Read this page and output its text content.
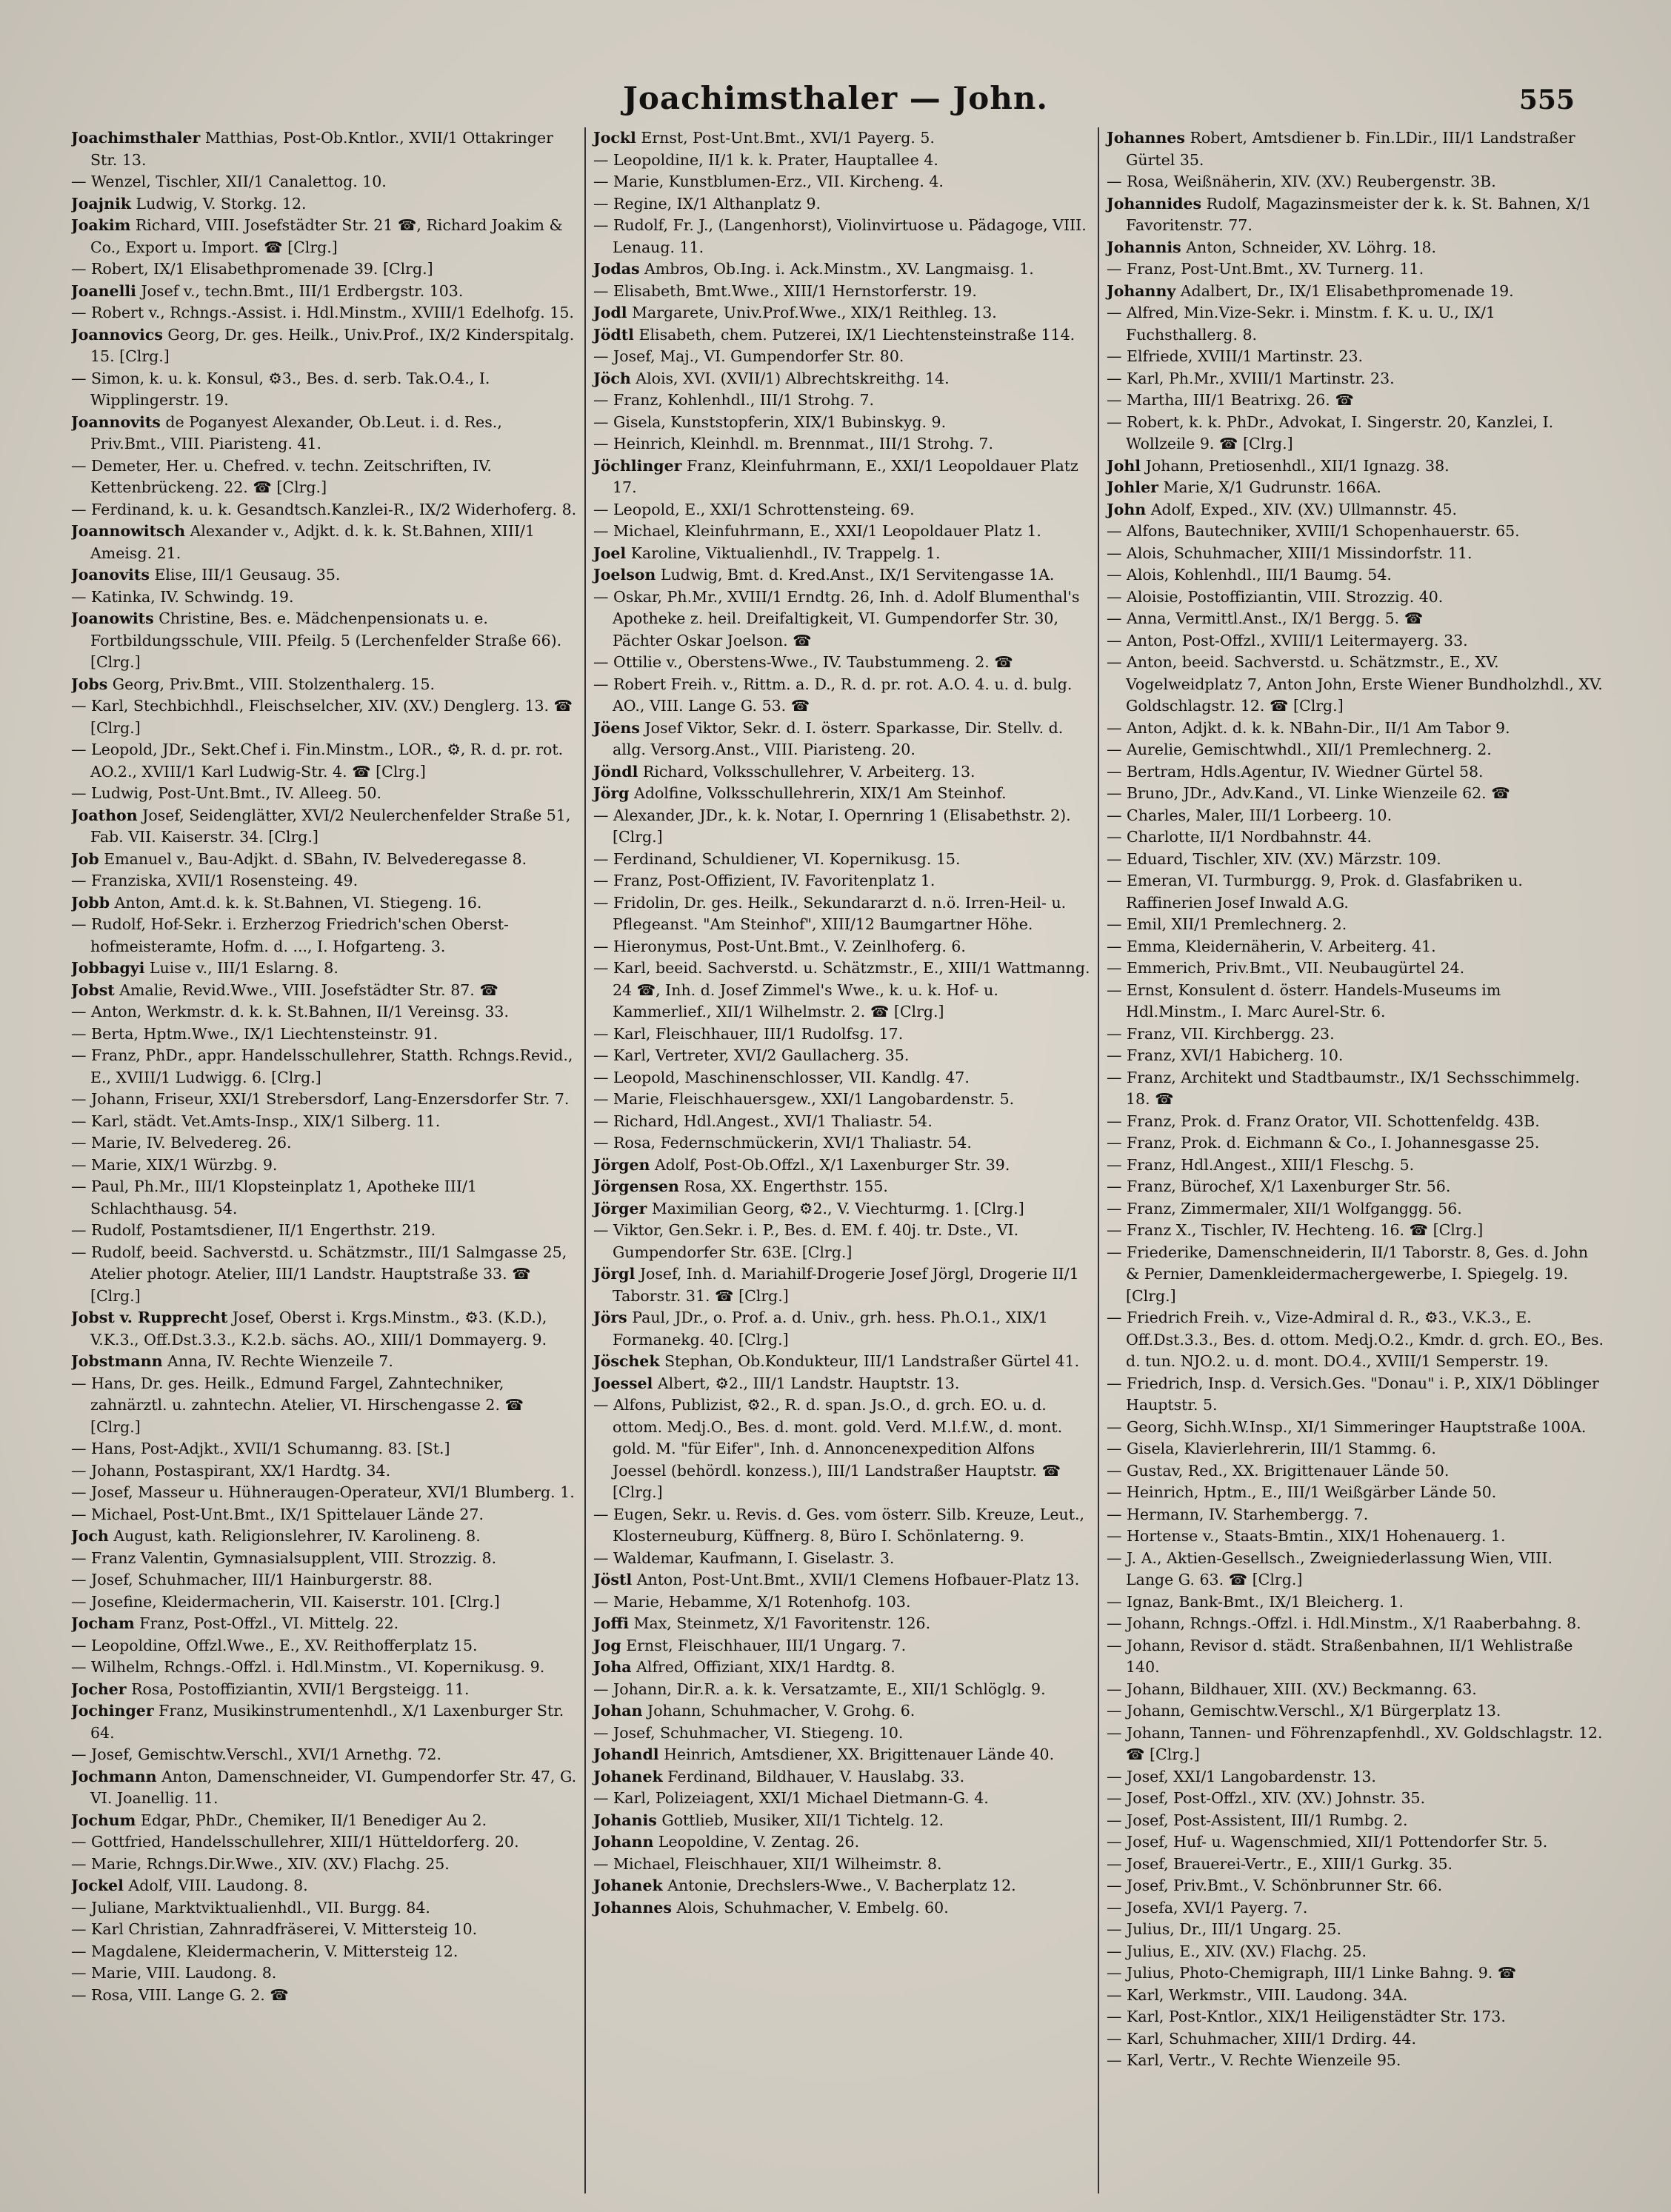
Joachimsthaler — John.	555
Joachimsthaler Matthias, Post-Ob.Kntlor., XVII/1 Ottakringer Str. 13.
— Wenzel, Tischler, XII/1 Canalettog. 10.
Joajnik Ludwig, V. Storkg. 12.
Joakim Richard, VIII. Josefstädter Str. 21 ☎, Richard Joakim & Co., Export u. Import. ☎ [Clrg.]
— Robert, IX/1 Elisabethpromenade 39. [Clrg.]
Joanelli Josef v., techn.Bmt., III/1 Erdbergstr. 103.
— Robert v., Rchngs.-Assist. i. Hdl.Minstm., XVIII/1 Edelhofg. 15.
Joannovics Georg, Dr. ges. Heilk., Univ.Prof., IX/2 Kinderspitalg. 15. [Clrg.]
— Simon, k. u. k. Konsul, ⚙3., Bes. d. serb. Tak.O.4., I. Wipplingerstr. 19.
Joannovits de Poganyest Alexander, Ob.Leut. i. d. Res., Priv.Bmt., VIII. Piaristeng. 41.
— Demeter, Her. u. Chefred. v. techn. Zeitschriften, IV. Kettenbrückeng. 22. ☎ [Clrg.]
— Ferdinand, k. u. k. Gesandtsch.Kanzlei-R., IX/2 Widerhoferg. 8.
Joannowitsch Alexander v., Adjkt. d. k. k. St.Bahnen, XIII/1 Ameisg. 21.
Joanovits Elise, III/1 Geusaug. 35.
— Katinka, IV. Schwindg. 19.
Joanowits Christine, Bes. e. Mädchenpensionats u. e. Fortbildungsschule, VIII. Pfeilg. 5 (Lerchenfelder Straße 66). [Clrg.]
Jobs Georg, Priv.Bmt., VIII. Stolzenthalerg. 15.
— Karl, Stechbichhdl., Fleischselcher, XIV. (XV.) Denglerg. 13. ☎ [Clrg.]
— Leopold, JDr., Sekt.Chef i. Fin.Minstm., LOR., ⚙, R. d. pr. rot. AO.2., XVIII/1 Karl Ludwig-Str. 4. ☎ [Clrg.]
— Ludwig, Post-Unt.Bmt., IV. Alleeg. 50.
Joathon Josef, Seidenglätter, XVI/2 Neulerchenfelder Straße 51, Fab. VII. Kaiserstr. 34. [Clrg.]
Job Emanuel v., Bau-Adjkt. d. SBahn, IV. Belvederegasse 8.
— Franziska, XVII/1 Rosensteing. 49.
Jobb Anton, Amt.d. k. k. St.Bahnen, VI. Stiegeng. 16.
— Rudolf, Hof-Sekr. i. Erzherzog Friedrich'schen Oberst-hofmeisteramte, Hofm. d. ..., I. Hofgarteng. 3.
Jobbagyi Luise v., III/1 Eslarng. 8.
Jobst Amalie, Revid.Wwe., VIII. Josefstädter Str. 87. ☎
— Anton, Werkmstr. d. k. k. St.Bahnen, II/1 Vereinsg. 33.
— Berta, Hptm.Wwe., IX/1 Liechtensteinstr. 91.
— Franz, PhDr., appr. Handelsschullehrer, Statth. Rchngs.Revid., E., XVIII/1 Ludwigg. 6. [Clrg.]
— Johann, Friseur, XXI/1 Strebersdorf, Lang-Enzersdorfer Str. 7.
— Karl, städt. Vet.Amts-Insp., XIX/1 Silberg. 11.
— Marie, IV. Belvedereg. 26.
— Marie, XIX/1 Würzbg. 9.
— Paul, Ph.Mr., III/1 Klopsteinplatz 1, Apotheke III/1 Schlachthausg. 54.
— Rudolf, Postamtsdiener, II/1 Engerthstr. 219.
— Rudolf, beeid. Sachverstd. u. Schätzmstr., III/1 Salmgasse 25, Atelier photogr. Atelier, III/1 Landstr. Hauptstraße 33. ☎ [Clrg.]
Jobst v. Rupprecht Josef, Oberst i. Krgs.Minstm., ⚙3. (K.D.), V.K.3., Off.Dst.3.3., K.2.b. sächs. AO., XIII/1 Dommayerg. 9.
Jobstmann Anna, IV. Rechte Wienzeile 7.
— Hans, Dr. ges. Heilk., Edmund Fargel, Zahntechniker, zahnärztl. u. zahntechn. Atelier, VI. Hirschengasse 2. ☎ [Clrg.]
— Hans, Post-Adjkt., XVII/1 Schumanng. 83. [St.]
— Johann, Postaspirant, XX/1 Hardtg. 34.
— Josef, Masseur u. Hühneraugen-Operateur, XVI/1 Blumberg. 1.
— Michael, Post-Unt.Bmt., IX/1 Spittelauer Lände 27.
Joch August, kath. Religionslehrer, IV. Karolineng. 8.
— Franz Valentin, Gymnasialsupplent, VIII. Strozzig. 8.
— Josef, Schuhmacher, III/1 Hainburgerstr. 88.
— Josefine, Kleidermacherin, VII. Kaiserstr. 101. [Clrg.]
Jocham Franz, Post-Offzl., VI. Mittelg. 22.
— Leopoldine, Offzl.Wwe., E., XV. Reithofferplatz 15.
— Wilhelm, Rchngs.-Offzl. i. Hdl.Minstm., VI. Kopernikusg. 9.
Jocher Rosa, Postoffiziantin, XVII/1 Bergsteigg. 11.
Jochinger Franz, Musikinstrumentenhdl., X/1 Laxenburger Str. 64.
— Josef, Gemischtw.Verschl., XVI/1 Arnethg. 72.
Jochmann Anton, Damenschneider, VI. Gumpendorfer Str. 47, G. VI. Joanellig. 11.
Jochum Edgar, PhDr., Chemiker, II/1 Benediger Au 2.
— Gottfried, Handelsschullehrer, XIII/1 Hütteldorferg. 20.
— Marie, Rchngs.Dir.Wwe., XIV. (XV.) Flachg. 25.
Jockel Adolf, VIII. Laudong. 8.
— Juliane, Marktviktualienhdl., VII. Burgg. 84.
— Karl Christian, Zahnradfräserei, V. Mittersteig 10.
— Magdalene, Kleidermacherin, V. Mittersteig 12.
— Marie, VIII. Laudong. 8.
— Rosa, VIII. Lange G. 2. ☎
Jockl Ernst, Post-Unt.Bmt., XVI/1 Payerg. 5.
— Leopoldine, II/1 k. k. Prater, Hauptallee 4.
— Marie, Kunstblumen-Erz., VII. Kircheng. 4.
— Regine, IX/1 Althanplatz 9.
— Rudolf, Fr. J., (Langenhorst), Violinvirtuose u. Pädagoge, VIII. Lenaug. 11.
Jodas Ambros, Ob.Ing. i. Ack.Minstm., XV. Langmaisg. 1.
— Elisabeth, Bmt.Wwe., XIII/1 Hernstorferstr. 19.
Jodl Margarete, Univ.Prof.Wwe., XIX/1 Reithleg. 13.
Jödtl Elisabeth, chem. Putzerei, IX/1 Liechtensteinstraße 114.
— Josef, Maj., VI. Gumpendorfer Str. 80.
Jöch Alois, XVI. (XVII/1) Albrechtskreithg. 14.
— Franz, Kohlenhdl., III/1 Strohg. 7.
— Gisela, Kunststopferin, XIX/1 Bubinskyg. 9.
— Heinrich, Kleinhdl. m. Brennmat., III/1 Strohg. 7.
Jöchlinger Franz, Kleinfuhrmann, E., XXI/1 Leopoldauer Platz 17.
— Leopold, E., XXI/1 Schrottensteing. 69.
— Michael, Kleinfuhrmann, E., XXI/1 Leopoldauer Platz 1.
Joel Karoline, Viktualienhdl., IV. Trappelg. 1.
Joelson Ludwig, Bmt. d. Kred.Anst., IX/1 Servitengasse 1A.
— Oskar, Ph.Mr., XVIII/1 Erndtg. 26, Inh. d. Adolf Blumenthal's Apotheke z. heil. Dreifaltigkeit, VI. Gumpendorfer Str. 30, Pächter Oskar Joelson. ☎
— Ottilie v., Oberstens-Wwe., IV. Taubstummeng. 2. ☎
— Robert Freih. v., Rittm. a. D., R. d. pr. rot. A.O. 4. u. d. bulg. AO., VIII. Lange G. 53. ☎
Jöens Josef Viktor, Sekr. d. I. österr. Sparkasse, Dir. Stellv. d. allg. Versorg.Anst., VIII. Piaristeng. 20.
Jöndl Richard, Volksschullehrer, V. Arbeiterg. 13.
Jörg Adolfine, Volksschullehrerin, XIX/1 Am Steinhof.
— Alexander, JDr., k. k. Notar, I. Opernring 1 (Elisabethstr. 2). [Clrg.]
— Ferdinand, Schuldiener, VI. Kopernikusg. 15.
— Franz, Post-Offizient, IV. Favoritenplatz 1.
— Fridolin, Dr. ges. Heilk., Sekundararzt d. n.ö. Irren-Heil- u. Pflegeanst. "Am Steinhof", XIII/12 Baumgartner Höhe.
— Hieronymus, Post-Unt.Bmt., V. Zeinlhoferg. 6.
— Karl, beeid. Sachverstd. u. Schätzmstr., E., XIII/1 Wattmanng. 24 ☎, Inh. d. Josef Zimmel's Wwe., k. u. k. Hof- u. Kammerlief., XII/1 Wilhelmstr. 2. ☎ [Clrg.]
— Karl, Fleischhauer, III/1 Rudolfsg. 17.
— Karl, Vertreter, XVI/2 Gaullacherg. 35.
— Leopold, Maschinenschlosser, VII. Kandlg. 47.
— Marie, Fleischhauersgew., XXI/1 Langobardenstr. 5.
— Richard, Hdl.Angest., XVI/1 Thaliastr. 54.
— Rosa, Federnschmückerin, XVI/1 Thaliastr. 54.
Jörgen Adolf, Post-Ob.Offzl., X/1 Laxenburger Str. 39.
Jörgensen Rosa, XX. Engerthstr. 155.
Jörger Maximilian Georg, ⚙2., V. Viechturmg. 1. [Clrg.]
— Viktor, Gen.Sekr. i. P., Bes. d. EM. f. 40j. tr. Dste., VI. Gumpendorfer Str. 63E. [Clrg.]
Jörgl Josef, Inh. d. Mariahilf-Drogerie Josef Jörgl, Drogerie II/1 Taborstr. 31. ☎ [Clrg.]
Jörs Paul, JDr., o. Prof. a. d. Univ., grh. hess. Ph.O.1., XIX/1 Formanekg. 40. [Clrg.]
Jöschek Stephan, Ob.Kondukteur, III/1 Landstraßer Gürtel 41.
Joessel Albert, ⚙2., III/1 Landstr. Hauptstr. 13.
— Alfons, Publizist, ⚙2., R. d. span. Js.O., d. grch. EO. u. d. ottom. Medj.O., Bes. d. mont. gold. Verd. M.l.f.W., d. mont. gold. M. "für Eifer", Inh. d. Annoncenexpedition Alfons Joessel (behördl. konzess.), III/1 Landstraßer Hauptstr. ☎ [Clrg.]
— Eugen, Sekr. u. Revis. d. Ges. vom österr. Silb. Kreuze, Leut., Klosterneuburg, Küffnerg. 8, Büro I. Schönlaterng. 9.
— Waldemar, Kaufmann, I. Giselastr. 3.
Jöstl Anton, Post-Unt.Bmt., XVII/1 Clemens Hofbauer-Platz 13.
— Marie, Hebamme, X/1 Rotenhofg. 103.
Joffi Max, Steinmetz, X/1 Favoritenstr. 126.
Jog Ernst, Fleischhauer, III/1 Ungarg. 7.
Joha Alfred, Offiziant, XIX/1 Hardtg. 8.
— Johann, Dir.R. a. k. k. Versatzamte, E., XII/1 Schlöglg. 9.
Johan Johann, Schuhmacher, V. Grohg. 6.
— Josef, Schuhmacher, VI. Stiegeng. 10.
Johandl Heinrich, Amtsdiener, XX. Brigittenauer Lände 40.
Johanek Ferdinand, Bildhauer, V. Hauslabg. 33.
— Karl, Polizeiagent, XXI/1 Michael Dietmann-G. 4.
Johanis Gottlieb, Musiker, XII/1 Tichtelg. 12.
Johann Leopoldine, V. Zentag. 26.
— Michael, Fleischhauer, XII/1 Wilheimstr. 8.
Johanek Antonie, Drechslers-Wwe., V. Bacherplatz 12.
Johannes Alois, Schuhmacher, V. Embelg. 60.
Johannes Robert, Amtsdiener b. Fin.LDir., III/1 Landstraßer Gürtel 35.
— Rosa, Weißnäherin, XIV. (XV.) Reubergenstr. 3B.
Johannides Rudolf, Magazinsmeister der k. k. St. Bahnen, X/1 Favoritenstr. 77.
Johannis Anton, Schneider, XV. Löhrg. 18.
— Franz, Post-Unt.Bmt., XV. Turnerg. 11.
Johanny Adalbert, Dr., IX/1 Elisabethpromenade 19.
— Alfred, Min.Vize-Sekr. i. Minstm. f. K. u. U., IX/1 Fuchsthallerg. 8.
— Elfriede, XVIII/1 Martinstr. 23.
— Karl, Ph.Mr., XVIII/1 Martinstr. 23.
— Martha, III/1 Beatrixg. 26. ☎
— Robert, k. k. PhDr., Advokat, I. Singerstr. 20, Kanzlei, I. Wollzeile 9. ☎ [Clrg.]
Johl Johann, Pretiosenhdl., XII/1 Ignazg. 38.
Johler Marie, X/1 Gudrunstr. 166A.
John Adolf, Exped., XIV. (XV.) Ullmannstr. 45.
— Alfons, Bautechniker, XVIII/1 Schopenhauerstr. 65.
— Alois, Schuhmacher, XIII/1 Missindorfstr. 11.
— Alois, Kohlenhdl., III/1 Baumg. 54.
— Aloisie, Postoffiziantin, VIII. Strozzig. 40.
— Anna, Vermittl.Anst., IX/1 Bergg. 5. ☎
— Anton, Post-Offzl., XVIII/1 Leitermayerg. 33.
— Anton, beeid. Sachverstd. u. Schätzmstr., E., XV. Vogelweidplatz 7, Anton John, Erste Wiener Bundholzhdl., XV. Goldschlagstr. 12. ☎ [Clrg.]
— Anton, Adjkt. d. k. k. NBahn-Dir., II/1 Am Tabor 9.
— Aurelie, Gemischtwhdl., XII/1 Premlechnerg. 2.
— Bertram, Hdls.Agentur, IV. Wiedner Gürtel 58.
— Bruno, JDr., Adv.Kand., VI. Linke Wienzeile 62. ☎
— Charles, Maler, III/1 Lorbeerg. 10.
— Charlotte, II/1 Nordbahnstr. 44.
— Eduard, Tischler, XIV. (XV.) Märzstr. 109.
— Emeran, VI. Turmburgg. 9, Prok. d. Glasfabriken u. Raffinerien Josef Inwald A.G.
— Emil, XII/1 Premlechnerg. 2.
— Emma, Kleidernäherin, V. Arbeiterg. 41.
— Emmerich, Priv.Bmt., VII. Neubaugürtel 24.
— Ernst, Konsulent d. österr. Handels-Museums im Hdl.Minstm., I. Marc Aurel-Str. 6.
— Franz, VII. Kirchbergg. 23.
— Franz, XVI/1 Habicherg. 10.
— Franz, Architekt und Stadtbaumstr., IX/1 Sechsschimmelg. 18. ☎
— Franz, Prok. d. Franz Orator, VII. Schottenfeldg. 43B.
— Franz, Prok. d. Eichmann & Co., I. Johannesgasse 25.
— Franz, Hdl.Angest., XIII/1 Fleschg. 5.
— Franz, Bürochef, X/1 Laxenburger Str. 56.
— Franz, Zimmermaler, XII/1 Wolfganggg. 56.
— Franz X., Tischler, IV. Hechteng. 16. ☎ [Clrg.]
— Friederike, Damenschneiderin, II/1 Taborstr. 8, Ges. d. John & Pernier, Damenkleidermachergewerbe, I. Spiegelg. 19. [Clrg.]
— Friedrich Freih. v., Vize-Admiral d. R., ⚙3., V.K.3., E. Off.Dst.3.3., Bes. d. ottom. Medj.O.2., Kmdr. d. grch. EO., Bes. d. tun. NJO.2. u. d. mont. DO.4., XVIII/1 Semperstr. 19.
— Friedrich, Insp. d. Versich.Ges. "Donau" i. P., XIX/1 Döblinger Hauptstr. 5.
— Georg, Sichh.W.Insp., XI/1 Simmeringer Hauptstraße 100A.
— Gisela, Klavierlehrerin, III/1 Stammg. 6.
— Gustav, Red., XX. Brigittenauer Lände 50.
— Heinrich, Hptm., E., III/1 Weißgärber Lände 50.
— Hermann, IV. Starhembergg. 7.
— Hortense v., Staats-Bmtin., XIX/1 Hohenauerg. 1.
— J. A., Aktien-Gesellsch., Zweigniederlassung Wien, VIII. Lange G. 63. ☎ [Clrg.]
— Ignaz, Bank-Bmt., IX/1 Bleicherg. 1.
— Johann, Rchngs.-Offzl. i. Hdl.Minstm., X/1 Raaberbahng. 8.
— Johann, Revisor d. städt. Straßenbahnen, II/1 Wehlistraße 140.
— Johann, Bildhauer, XIII. (XV.) Beckmanng. 63.
— Johann, Gemischtw.Verschl., X/1 Bürgerplatz 13.
— Johann, Tannen- und Föhrenzapfenhdl., XV. Goldschlagstr. 12. ☎ [Clrg.]
— Josef, XXI/1 Langobardenstr. 13.
— Josef, Post-Offzl., XIV. (XV.) Johnstr. 35.
— Josef, Post-Assistent, III/1 Rumbg. 2.
— Josef, Huf- u. Wagenschmied, XII/1 Pottendorfer Str. 5.
— Josef, Brauerei-Vertr., E., XIII/1 Gurkg. 35.
— Josef, Priv.Bmt., V. Schönbrunner Str. 66.
— Josefa, XVI/1 Payerg. 7.
— Julius, Dr., III/1 Ungarg. 25.
— Julius, E., XIV. (XV.) Flachg. 25.
— Julius, Photo-Chemigraph, III/1 Linke Bahng. 9. ☎
— Karl, Werkmstr., VIII. Laudong. 34A.
— Karl, Post-Kntlor., XIX/1 Heiligenstädter Str. 173.
— Karl, Schuhmacher, XIII/1 Drdirg. 44.
— Karl, Vertr., V. Rechte Wienzeile 95.
